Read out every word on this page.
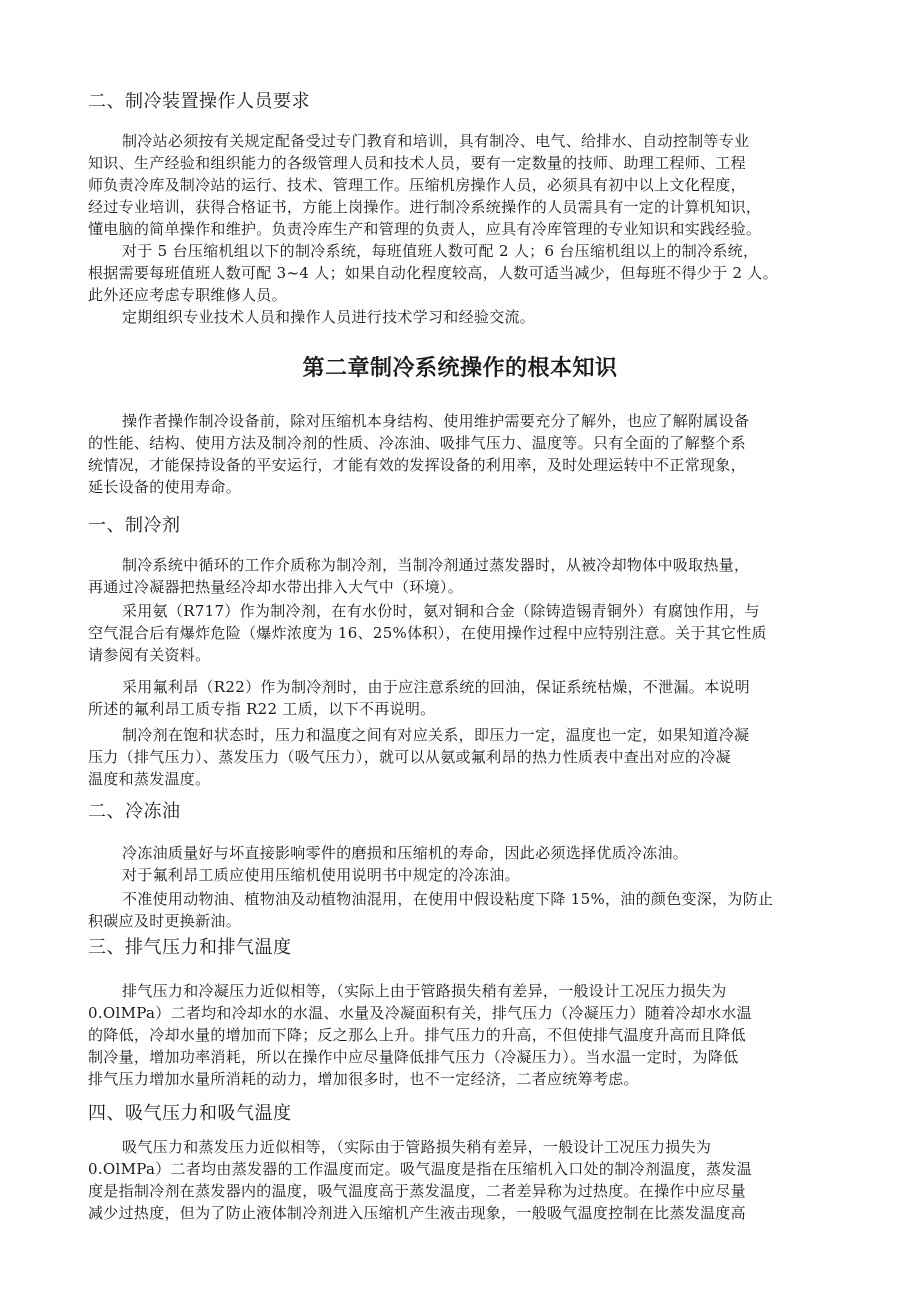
二、制冷装置操作人员要求
制冷站必须按有关规定配备受过专门教育和培训，具有制冷、电气、给排水、自动控制等专业
知识、生产经验和组织能力的各级管理人员和技术人员，要有一定数量的技师、助理工程师、工程
师负责冷库及制冷站的运行、技术、管理工作。压缩机房操作人员，必须具有初中以上文化程度，
经过专业培训，获得合格证书，方能上岗操作。进行制冷系统操作的人员需具有一定的计算机知识，
懂电脑的简单操作和维护。负责冷库生产和管理的负责人，应具有冷库管理的专业知识和实践经验。
对于 5 台压缩机组以下的制冷系统，每班值班人数可配 2 人；6 台压缩机组以上的制冷系统，
根据需要每班值班人数可配 3~4 人；如果自动化程度较高，人数可适当减少，但每班不得少于 2 人。
此外还应考虑专职维修人员。
定期组织专业技术人员和操作人员进行技术学习和经验交流。
第二章制冷系统操作的根本知识
操作者操作制冷设备前，除对压缩机本身结构、使用维护需要充分了解外，也应了解附属设备
的性能、结构、使用方法及制冷剂的性质、冷冻油、吸排气压力、温度等。只有全面的了解整个系
统情况，才能保持设备的平安运行，才能有效的发挥设备的利用率，及时处理运转中不正常现象，
延长设备的使用寿命。
一、制冷剂
制冷系统中循环的工作介质称为制冷剂，当制冷剂通过蒸发器时，从被冷却物体中吸取热量，
再通过冷凝器把热量经冷却水带出排入大气中（环境）。
采用氨（R717）作为制冷剂，在有水份时，氨对铜和合金（除铸造锡青铜外）有腐蚀作用，与
空气混合后有爆炸危险（爆炸浓度为 16、25%体积），在使用操作过程中应特别注意。关于其它性质
请参阅有关资料。
采用氟利昂（R22）作为制冷剂时，由于应注意系统的回油，保证系统枯燥，不泄漏。本说明
所述的氟利昂工质专指 R22 工质，以下不再说明。
制冷剂在饱和状态时，压力和温度之间有对应关系，即压力一定，温度也一定，如果知道冷凝
压力（排气压力）、蒸发压力（吸气压力），就可以从氨或氟利昂的热力性质表中查出对应的冷凝
温度和蒸发温度。
二、冷冻油
冷冻油质量好与坏直接影响零件的磨损和压缩机的寿命，因此必须选择优质冷冻油。
对于氟利昂工质应使用压缩机使用说明书中规定的冷冻油。
不准使用动物油、植物油及动植物油混用，在使用中假设粘度下降 15%，油的颜色变深，为防止
积碳应及时更换新油。
三、排气压力和排气温度
排气压力和冷凝压力近似相等，（实际上由于管路损失稍有差异，一般设计工况压力损失为
0.OlMPa）二者均和冷却水的水温、水量及冷凝面积有关，排气压力（冷凝压力）随着冷却水水温
的降低，冷却水量的增加而下降；反之那么上升。排气压力的升高，不但使排气温度升高而且降低
制冷量，增加功率消耗，所以在操作中应尽量降低排气压力（冷凝压力）。当水温一定时，为降低
排气压力增加水量所消耗的动力，增加很多时，也不一定经济，二者应统筹考虑。
四、吸气压力和吸气温度
吸气压力和蒸发压力近似相等，（实际由于管路损失稍有差异，一般设计工况压力损失为
0.OlMPa）二者均由蒸发器的工作温度而定。吸气温度是指在压缩机入口处的制冷剂温度，蒸发温
度是指制冷剂在蒸发器内的温度，吸气温度高于蒸发温度，二者差异称为过热度。在操作中应尽量
减少过热度，但为了防止液体制冷剂进入压缩机产生液击现象，一般吸气温度控制在比蒸发温度高
